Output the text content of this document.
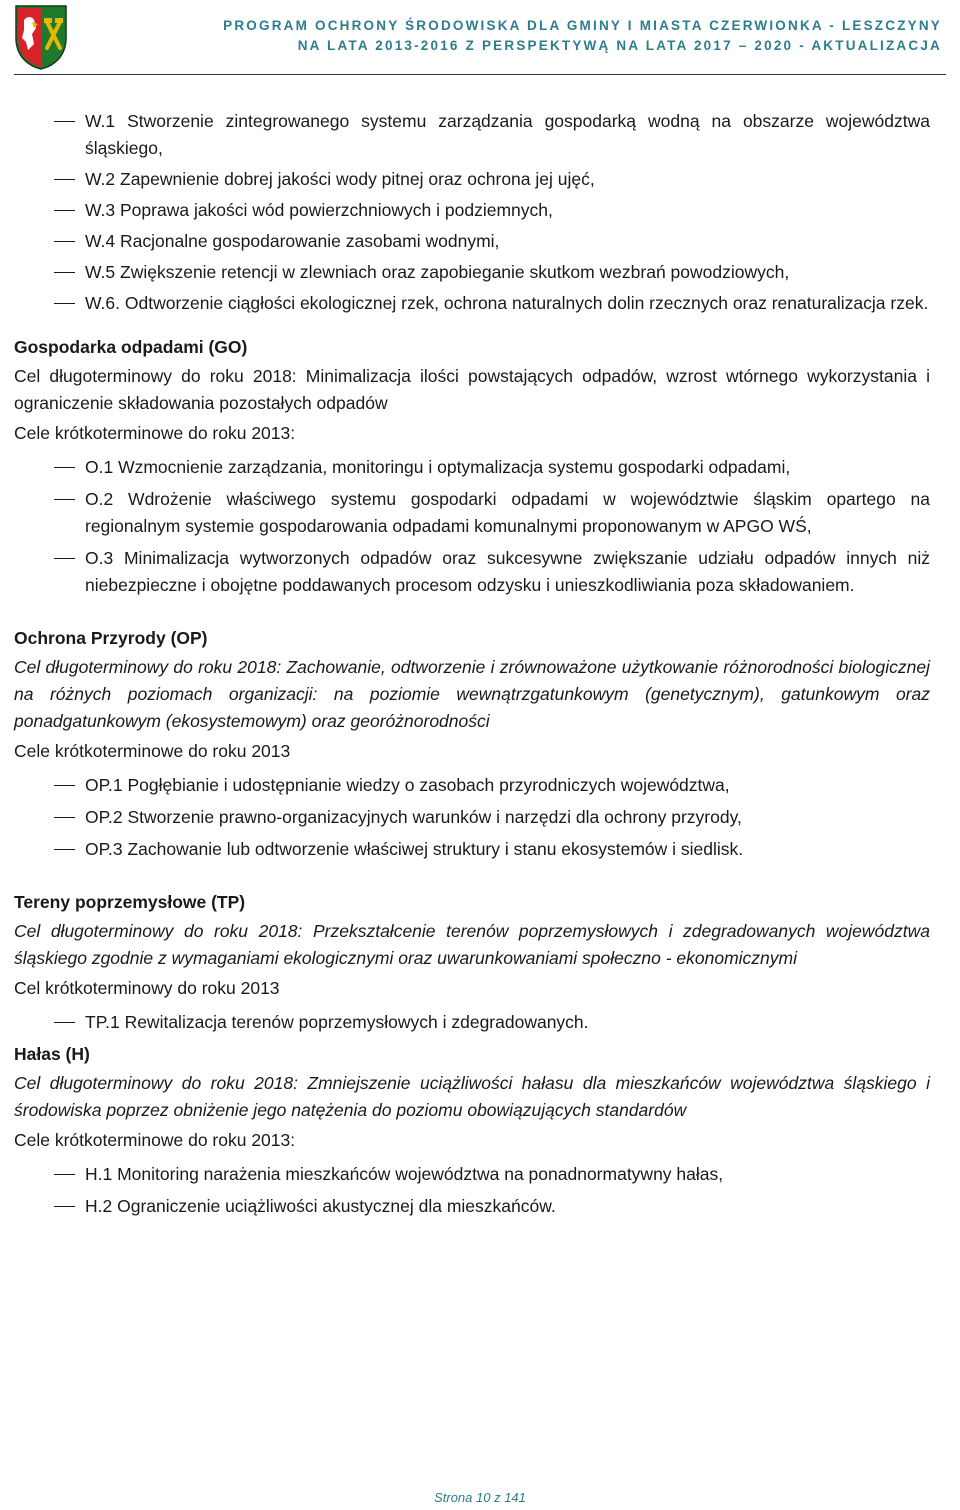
PROGRAM OCHRONY ŚRODOWISKA DLA GMINY I MIASTA CZERWIONKA - LESZCZYNY
NA LATA 2013-2016 Z PERSPEKTYWĄ NA LATA 2017 – 2020 - AKTUALIZACJA
W.1 Stworzenie zintegrowanego systemu zarządzania gospodarką wodną na obszarze województwa śląskiego,
W.2 Zapewnienie dobrej jakości wody pitnej oraz ochrona jej ujęć,
W.3 Poprawa jakości wód powierzchniowych i podziemnych,
W.4 Racjonalne gospodarowanie zasobami wodnymi,
W.5 Zwiększenie retencji w zlewniach oraz zapobieganie skutkom wezbrań powodziowych,
W.6. Odtworzenie ciągłości ekologicznej rzek, ochrona naturalnych dolin rzecznych oraz renaturalizacja rzek.
Gospodarka odpadami (GO)

Cel długoterminowy do roku 2018: Minimalizacja ilości powstających odpadów, wzrost wtórnego wykorzystania i ograniczenie składowania pozostałych odpadów

Cele krótkoterminowe do roku 2013:

O.1 Wzmocnienie zarządzania, monitoringu i optymalizacja systemu gospodarki odpadami,
O.2 Wdrożenie właściwego systemu gospodarki odpadami w województwie śląskim opartego na regionalnym systemie gospodarowania odpadami komunalnymi proponowanym w APGO WŚ,
O.3 Minimalizacja wytworzonych odpadów oraz sukcesywne zwiększanie udziału odpadów innych niż niebezpieczne i obojętne poddawanych procesom odzysku i unieszkodliwiania poza składowaniem.
Ochrona Przyrody (OP)

Cel długoterminowy do roku 2018: Zachowanie, odtworzenie i zrównoważone użytkowanie różnorodności biologicznej na różnych poziomach organizacji: na poziomie wewnątrzgatunkowym (genetycznym), gatunkowym oraz ponadgatunkowym (ekosystemowym) oraz georóżnorodności

Cele krótkoterminowe do roku 2013

OP.1 Pogłębianie i udostępnianie wiedzy o zasobach przyrodniczych województwa,
OP.2 Stworzenie prawno-organizacyjnych warunków i narzędzi dla ochrony przyrody,
OP.3 Zachowanie lub odtworzenie właściwej struktury i stanu ekosystemów i siedlisk.
Tereny poprzemysłowe (TP)

Cel długoterminowy do roku 2018: Przekształcenie terenów poprzemysłowych i zdegradowanych województwa śląskiego zgodnie z wymaganiami ekologicznymi oraz uwarunkowaniami społeczno - ekonomicznymi

Cel krótkoterminowy do roku 2013

TP.1 Rewitalizacja terenów poprzemysłowych i zdegradowanych.
Hałas (H)

Cel długoterminowy do roku 2018: Zmniejszenie uciążliwości hałasu dla mieszkańców województwa śląskiego i środowiska poprzez obniżenie jego natężenia do poziomu obowiązujących standardów

Cele krótkoterminowe do roku 2013:

H.1 Monitoring narażenia mieszkańców województwa na ponadnormatywny hałas,
H.2 Ograniczenie uciążliwości akustycznej dla mieszkańców.
Strona 10 z 141
